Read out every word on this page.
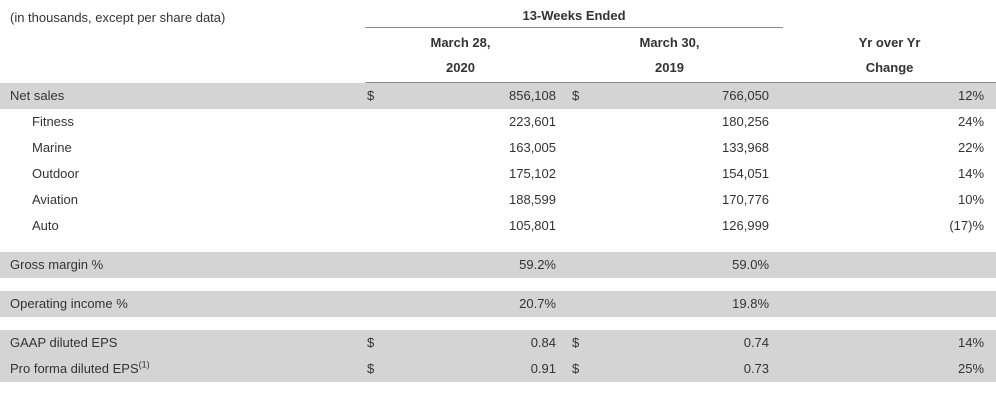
(in thousands, except per share data)	13-Weeks Ended				
	March 28,		March 30,		Yr over Yr
	2020		2019		Change
Net sales	$	856,108	$	766,050	12%
Fitness		223,601		180,256	24%
Marine		163,005		133,968	22%
Outdoor		175,102		154,051	14%
Aviation		188,599		170,776	10%
Auto		105,801		126,999	(17)%

Gross margin %		59.2%		59.0%	

Operating income %		20.7%		19.8%	

GAAP diluted EPS	$	0.84	$	0.74	14%
Pro forma diluted EPS$^{(1)}$	$	0.91	$	0.73	25%
